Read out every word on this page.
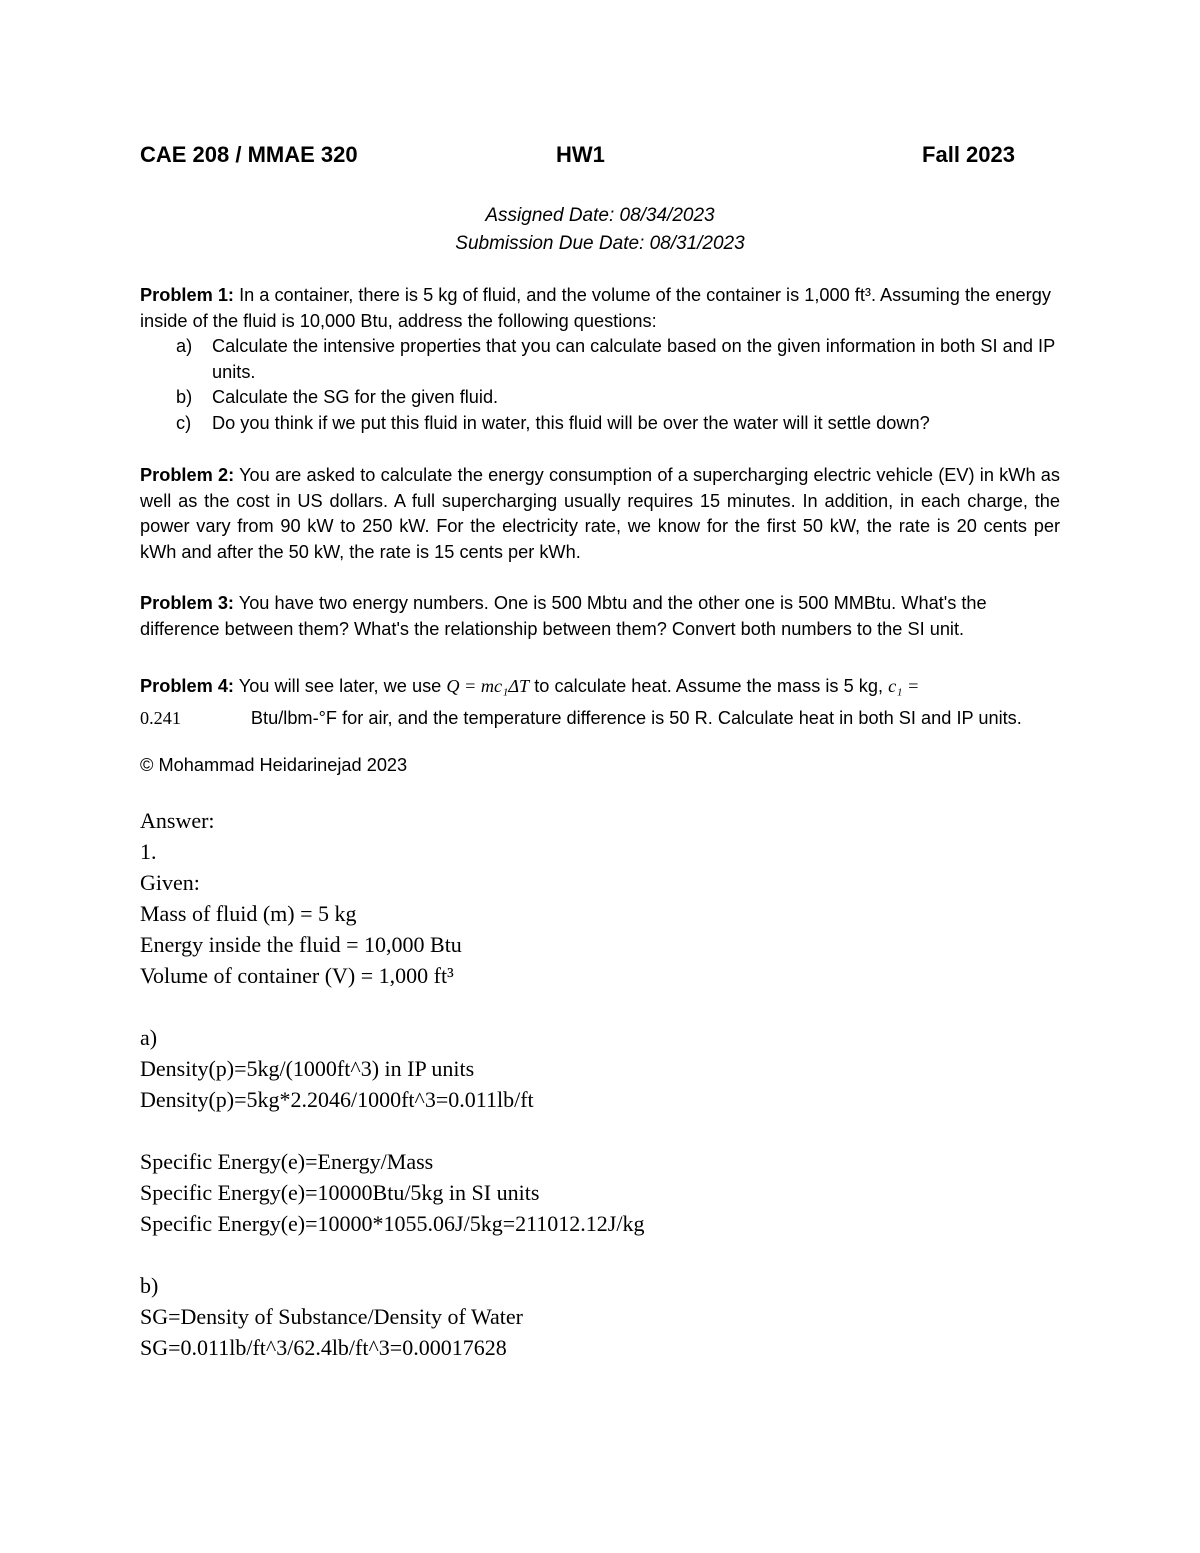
CAE 208 / MMAE 320	HW1	Fall 2023
Assigned Date: 08/34/2023
Submission Due Date: 08/31/2023
Problem 1: In a container, there is 5 kg of fluid, and the volume of the container is 1,000 ft³. Assuming the energy inside of the fluid is 10,000 Btu, address the following questions:
a) Calculate the intensive properties that you can calculate based on the given information in both SI and IP units.
b) Calculate the SG for the given fluid.
c) Do you think if we put this fluid in water, this fluid will be over the water will it settle down?
Problem 2: You are asked to calculate the energy consumption of a supercharging electric vehicle (EV) in kWh as well as the cost in US dollars. A full supercharging usually requires 15 minutes. In addition, in each charge, the power vary from 90 kW to 250 kW. For the electricity rate, we know for the first 50 kW, the rate is 20 cents per kWh and after the 50 kW, the rate is 15 cents per kWh.
Problem 3: You have two energy numbers. One is 500 Mbtu and the other one is 500 MMBtu. What's the difference between them? What's the relationship between them? Convert both numbers to the SI unit.
Problem 4: You will see later, we use Q = mc₁ΔT to calculate heat. Assume the mass is 5 kg, c₁ =
0.241	Btu/lbm-°F for air, and the temperature difference is 50 R. Calculate heat in both SI and IP units.
© Mohammad Heidarinejad 2023
Answer:
1.
Given:
Mass of fluid (m) = 5 kg
Energy inside the fluid = 10,000 Btu
Volume of container (V) = 1,000 ft³
a)
Density(p)=5kg/(1000ft^3) in IP units
Density(p)=5kg*2.2046/1000ft^3=0.011lb/ft
Specific Energy(e)=Energy/Mass
Specific Energy(e)=10000Btu/5kg in SI units
Specific Energy(e)=10000*1055.06J/5kg=211012.12J/kg
b)
SG=Density of Substance/Density of Water
SG=0.011lb/ft^3/62.4lb/ft^3=0.00017628
